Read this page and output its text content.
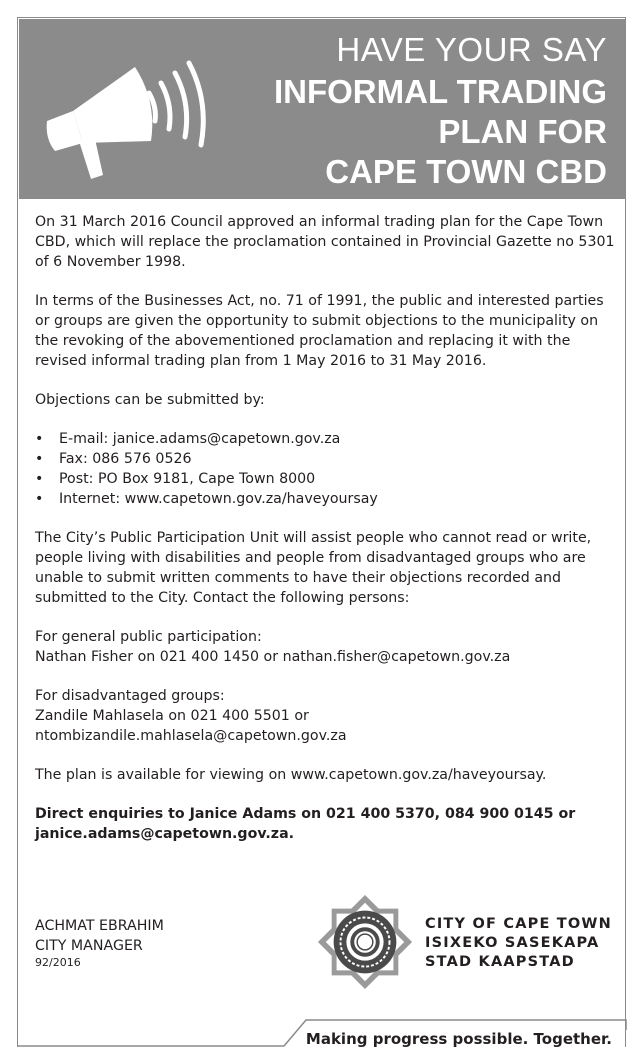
HAVE YOUR SAY
INFORMAL TRADING
PLAN FOR
CAPE TOWN CBD

On 31 March 2016 Council approved an informal trading plan for the Cape Town CBD, which will replace the proclamation contained in Provincial Gazette no 5301 of 6 November 1998.

In terms of the Businesses Act, no. 71 of 1991, the public and interested parties or groups are given the opportunity to submit objections to the municipality on the revoking of the abovementioned proclamation and replacing it with the revised informal trading plan from 1 May 2016 to 31 May 2016.

Objections can be submitted by:

• E-mail: janice.adams@capetown.gov.za
• Fax: 086 576 0526
• Post: PO Box 9181, Cape Town 8000
• Internet: www.capetown.gov.za/haveyoursay

The City’s Public Participation Unit will assist people who cannot read or write, people living with disabilities and people from disadvantaged groups who are unable to submit written comments to have their objections recorded and submitted to the City. Contact the following persons:

For general public participation:
Nathan Fisher on 021 400 1450 or nathan.fisher@capetown.gov.za

For disadvantaged groups:
Zandile Mahlasela on 021 400 5501 or
ntombizandile.mahlasela@capetown.gov.za

The plan is available for viewing on www.capetown.gov.za/haveyoursay.

Direct enquiries to Janice Adams on 021 400 5370, 084 900 0145 or
janice.adams@capetown.gov.za.

ACHMAT EBRAHIM
CITY MANAGER
92/2016
CITY OF CAPE TOWN
ISIXEKO SASEKAPA
STAD KAAPSTAD
Making progress possible. Together.
